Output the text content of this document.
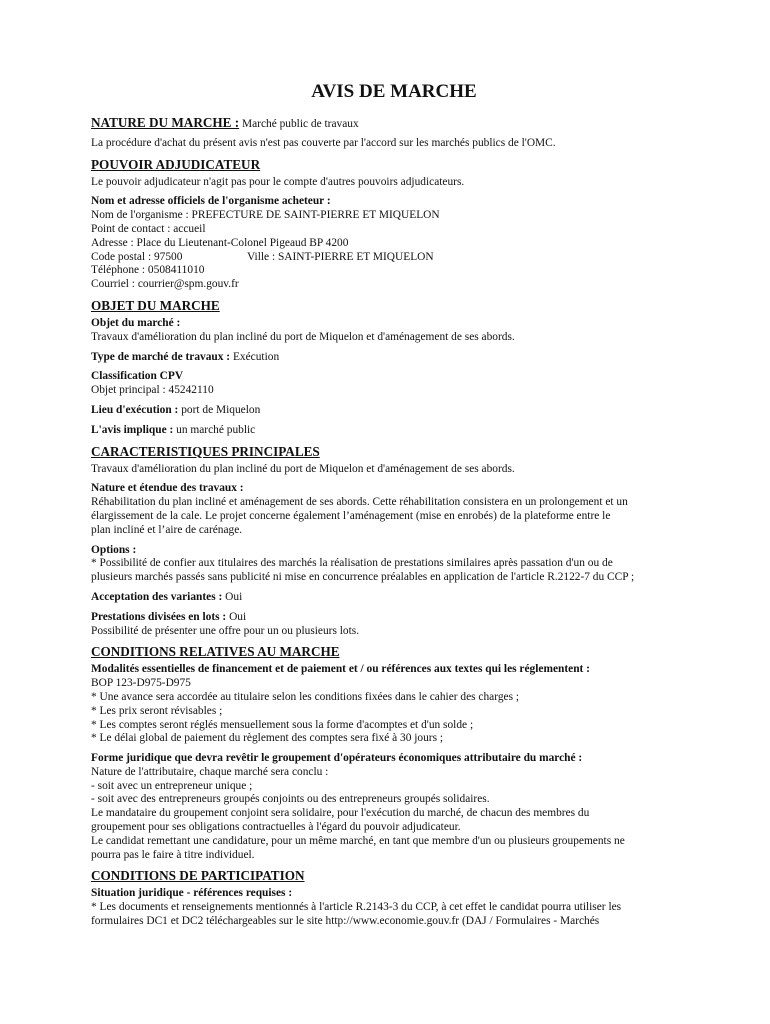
AVIS DE MARCHE
NATURE DU MARCHE : Marché public de travaux
La procédure d'achat du présent avis n'est pas couverte par l'accord sur les marchés publics de l'OMC.
POUVOIR ADJUDICATEUR
Le pouvoir adjudicateur n'agit pas pour le compte d'autres pouvoirs adjudicateurs.
Nom et adresse officiels de l'organisme acheteur :
Nom de l'organisme : PREFECTURE DE SAINT-PIERRE ET MIQUELON
Point de contact : accueil
Adresse : Place du Lieutenant-Colonel Pigeaud BP 4200
Code postal : 97500	Ville : SAINT-PIERRE ET MIQUELON
Téléphone : 0508411010
Courriel : courrier@spm.gouv.fr
OBJET DU MARCHE
Objet du marché :
Travaux d'amélioration du plan incliné du port de Miquelon et d'aménagement de ses abords.
Type de marché de travaux : Exécution
Classification CPV
Objet principal : 45242110
Lieu d'exécution : port de Miquelon
L'avis implique : un marché public
CARACTERISTIQUES PRINCIPALES
Travaux d'amélioration du plan incliné du port de Miquelon et d'aménagement de ses abords.
Nature et étendue des travaux :
Réhabilitation du plan incliné et aménagement de ses abords. Cette réhabilitation consistera en un prolongement et un
élargissement de la cale. Le projet concerne également l’aménagement (mise en enrobés) de la plateforme entre le
plan incliné et l’aire de carénage.
Options :
* Possibilité de confier aux titulaires des marchés la réalisation de prestations similaires après passation d'un ou de
plusieurs marchés passés sans publicité ni mise en concurrence préalables en application de l'article R.2122-7 du CCP ;
Acceptation des variantes : Oui
Prestations divisées en lots : Oui
Possibilité de présenter une offre pour un ou plusieurs lots.
CONDITIONS RELATIVES AU MARCHE
Modalités essentielles de financement et de paiement et / ou références aux textes qui les réglementent :
BOP 123-D975-D975
* Une avance sera accordée au titulaire selon les conditions fixées dans le cahier des charges ;
* Les prix seront révisables ;
* Les comptes seront réglés mensuellement sous la forme d'acomptes et d'un solde ;
* Le délai global de paiement du règlement des comptes sera fixé à 30 jours ;
Forme juridique que devra revêtir le groupement d'opérateurs économiques attributaire du marché :
Nature de l'attributaire, chaque marché sera conclu :
- soit avec un entrepreneur unique ;
- soit avec des entrepreneurs groupés conjoints ou des entrepreneurs groupés solidaires.
Le mandataire du groupement conjoint sera solidaire, pour l'exécution du marché, de chacun des membres du
groupement pour ses obligations contractuelles à l'égard du pouvoir adjudicateur.
Le candidat remettant une candidature, pour un même marché, en tant que membre d'un ou plusieurs groupements ne
pourra pas le faire à titre individuel.
CONDITIONS DE PARTICIPATION
Situation juridique - références requises :
* Les documents et renseignements mentionnés à l'article R.2143-3 du CCP, à cet effet le candidat pourra utiliser les
formulaires DC1 et DC2 téléchargeables sur le site http://www.economie.gouv.fr (DAJ / Formulaires - Marchés
